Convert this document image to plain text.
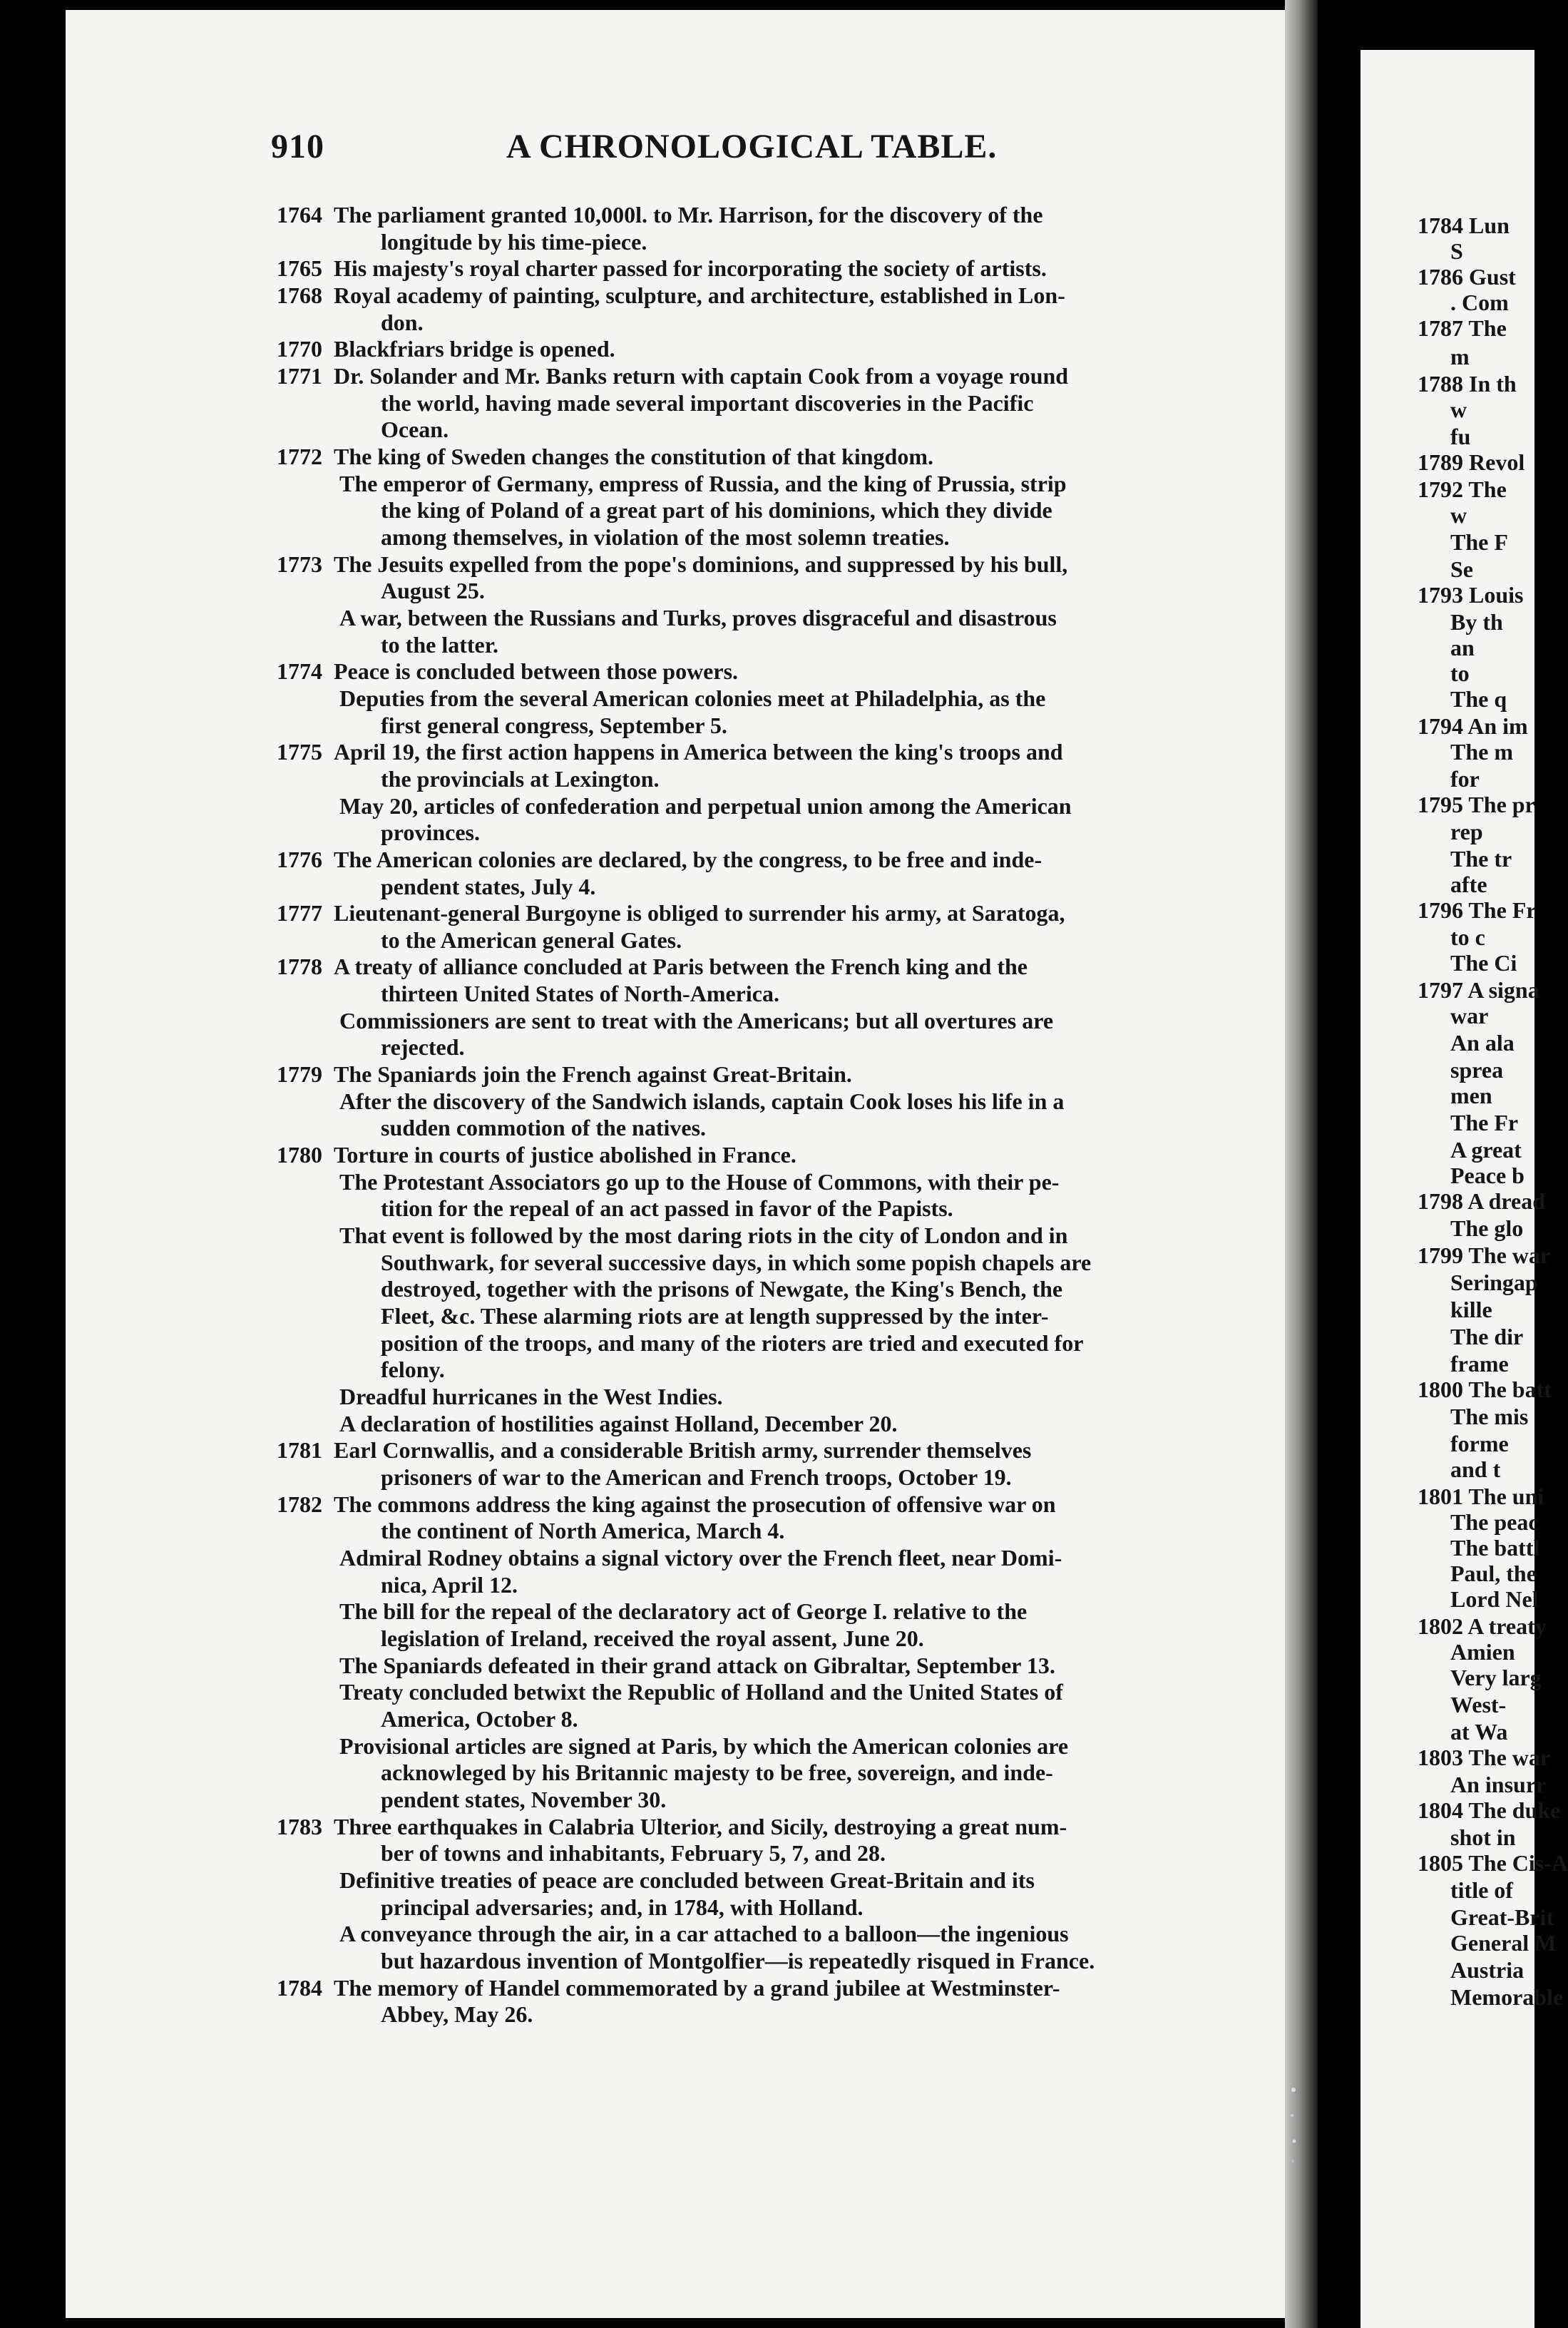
910	A CHRONOLOGICAL TABLE.
1764 The parliament granted 10,000l. to Mr. Harrison, for the discovery of the
longitude by his time-piece.
1765 His majesty's royal charter passed for incorporating the society of artists.
1768 Royal academy of painting, sculpture, and architecture, established in Lon-
don.
1770 Blackfriars bridge is opened.
1771 Dr. Solander and Mr. Banks return with captain Cook from a voyage round
the world, having made several important discoveries in the Pacific
Ocean.
1772 The king of Sweden changes the constitution of that kingdom.
The emperor of Germany, empress of Russia, and the king of Prussia, strip
the king of Poland of a great part of his dominions, which they divide
among themselves, in violation of the most solemn treaties.
1773 The Jesuits expelled from the pope's dominions, and suppressed by his bull,
August 25.
A war, between the Russians and Turks, proves disgraceful and disastrous
to the latter.
1774 Peace is concluded between those powers.
Deputies from the several American colonies meet at Philadelphia, as the
first general congress, September 5.
1775 April 19, the first action happens in America between the king's troops and
the provincials at Lexington.
May 20, articles of confederation and perpetual union among the American
provinces.
1776 The American colonies are declared, by the congress, to be free and inde-
pendent states, July 4.
1777 Lieutenant-general Burgoyne is obliged to surrender his army, at Saratoga,
to the American general Gates.
1778 A treaty of alliance concluded at Paris between the French king and the
thirteen United States of North-America.
Commissioners are sent to treat with the Americans; but all overtures are
rejected.
1779 The Spaniards join the French against Great-Britain.
After the discovery of the Sandwich islands, captain Cook loses his life in a
sudden commotion of the natives.
1780 Torture in courts of justice abolished in France.
The Protestant Associators go up to the House of Commons, with their pe-
tition for the repeal of an act passed in favor of the Papists.
That event is followed by the most daring riots in the city of London and in
Southwark, for several successive days, in which some popish chapels are
destroyed, together with the prisons of Newgate, the King's Bench, the
Fleet, &c. These alarming riots are at length suppressed by the inter-
position of the troops, and many of the rioters are tried and executed for
felony.
Dreadful hurricanes in the West Indies.
A declaration of hostilities against Holland, December 20.
1781 Earl Cornwallis, and a considerable British army, surrender themselves
prisoners of war to the American and French troops, October 19.
1782 The commons address the king against the prosecution of offensive war on
the continent of North America, March 4.
Admiral Rodney obtains a signal victory over the French fleet, near Domi-
nica, April 12.
The bill for the repeal of the declaratory act of George I. relative to the
legislation of Ireland, received the royal assent, June 20.
The Spaniards defeated in their grand attack on Gibraltar, September 13.
Treaty concluded betwixt the Republic of Holland and the United States of
America, October 8.
Provisional articles are signed at Paris, by which the American colonies are
acknowleged by his Britannic majesty to be free, sovereign, and inde-
pendent states, November 30.
1783 Three earthquakes in Calabria Ulterior, and Sicily, destroying a great num-
ber of towns and inhabitants, February 5, 7, and 28.
Definitive treaties of peace are concluded between Great-Britain and its
principal adversaries; and, in 1784, with Holland.
A conveyance through the air, in a car attached to a balloon—the ingenious
but hazardous invention of Montgolfier—is repeatedly risqued in France.
1784 The memory of Handel commemorated by a grand jubilee at Westminster-
Abbey, May 26.
1784 Lun
S
1786 Gust
. Com
1787 The
m
1788 In th
w
fu
1789 Revol
1792 The
w
The F
Se
1793 Louis
By th
an
to
The q
1794 An im
The m
for
1795 The pr
rep
The tr
afte
1796 The Fr
to c
The Ci
1797 A signa
war
An ala
sprea
men
The Fr
A great
Peace b
1798 A dread
The glo
1799 The war
Seringap
kille
The dir
frame
1800 The batt
The mis
forme
and t
1801 The uni
The peac
The battl
Paul, the
Lord Nel
1802 A treaty
Amien
Very larg
West-
at Wa
1803 The war
An insurr
1804 The duke
shot in
1805 The Cis-A
title of
Great-Brit
General M
Austria
Memorable
